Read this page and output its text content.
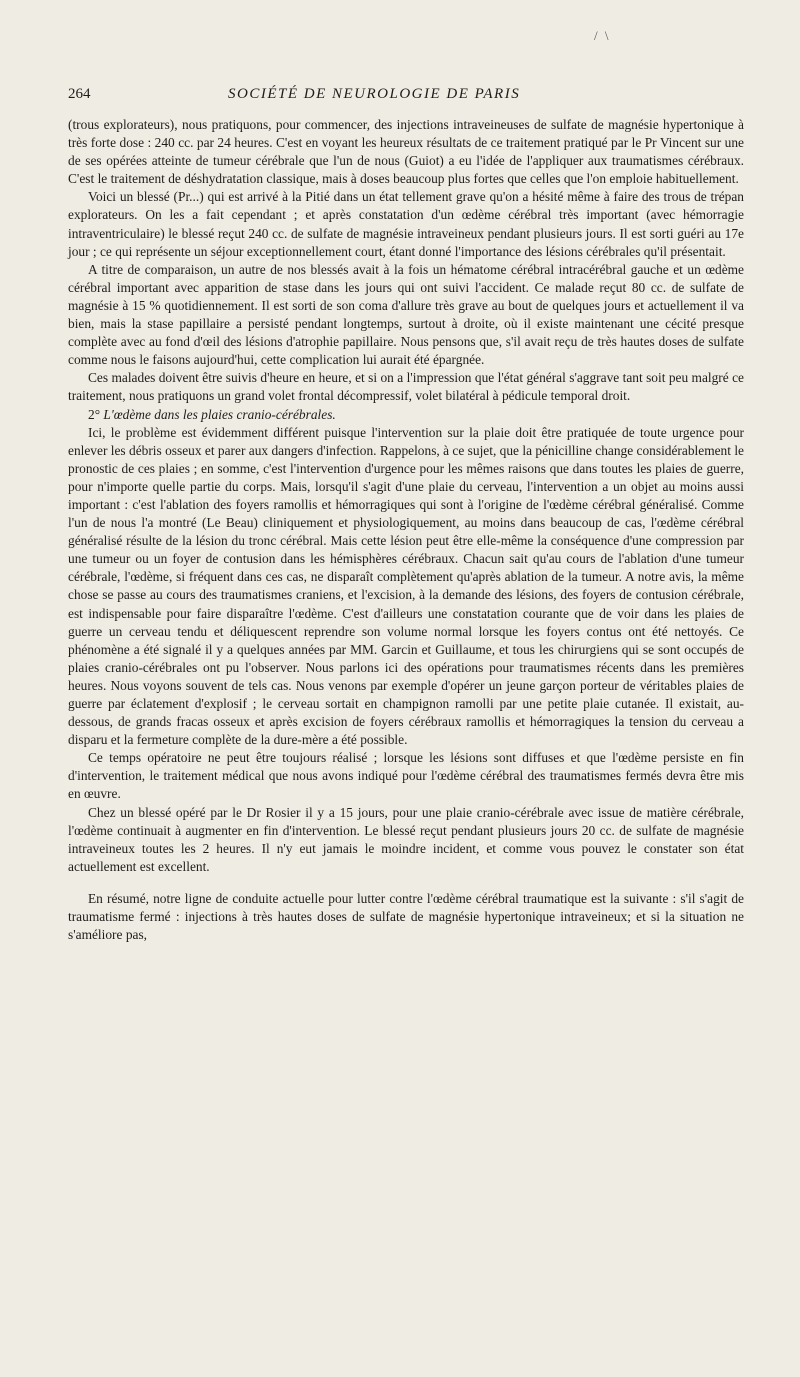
/ \
264	SOCIÉTÉ DE NEUROLOGIE DE PARIS

(trous explorateurs), nous pratiquons, pour commencer, des injections intraveineuses de sulfate de magnésie hypertonique à très forte dose : 240 cc. par 24 heures. C'est en voyant les heureux résultats de ce traitement pratiqué par le Pr Vincent sur une de ses opérées atteinte de tumeur cérébrale que l'un de nous (Guiot) a eu l'idée de l'appliquer aux traumatismes cérébraux. C'est le traitement de déshydratation classique, mais à doses beaucoup plus fortes que celles que l'on emploie habituellement.

Voici un blessé (Pr...) qui est arrivé à la Pitié dans un état tellement grave qu'on a hésité même à faire des trous de trépan explorateurs. On les a fait cependant ; et après constatation d'un œdème cérébral très important (avec hémorragie intraventriculaire) le blessé reçut 240 cc. de sulfate de magnésie intraveineux pendant plusieurs jours. Il est sorti guéri au 17e jour ; ce qui représente un séjour exceptionnellement court, étant donné l'importance des lésions cérébrales qu'il présentait.

A titre de comparaison, un autre de nos blessés avait à la fois un hématome cérébral intracérébral gauche et un œdème cérébral important avec apparition de stase dans les jours qui ont suivi l'accident. Ce malade reçut 80 cc. de sulfate de magnésie à 15 % quotidiennement. Il est sorti de son coma d'allure très grave au bout de quelques jours et actuellement il va bien, mais la stase papillaire a persisté pendant longtemps, surtout à droite, où il existe maintenant une cécité presque complète avec au fond d'œil des lésions d'atrophie papillaire. Nous pensons que, s'il avait reçu de très hautes doses de sulfate comme nous le faisons aujourd'hui, cette complication lui aurait été épargnée.

Ces malades doivent être suivis d'heure en heure, et si on a l'impression que l'état général s'aggrave tant soit peu malgré ce traitement, nous pratiquons un grand volet frontal décompressif, volet bilatéral à pédicule temporal droit.

2° L'œdème dans les plaies cranio-cérébrales.

Ici, le problème est évidemment différent puisque l'intervention sur la plaie doit être pratiquée de toute urgence pour enlever les débris osseux et parer aux dangers d'infection. Rappelons, à ce sujet, que la pénicilline change considérablement le pronostic de ces plaies ; en somme, c'est l'intervention d'urgence pour les mêmes raisons que dans toutes les plaies de guerre, pour n'importe quelle partie du corps. Mais, lorsqu'il s'agit d'une plaie du cerveau, l'intervention a un objet au moins aussi important : c'est l'ablation des foyers ramollis et hémorragiques qui sont à l'origine de l'œdème cérébral généralisé. Comme l'un de nous l'a montré (Le Beau) cliniquement et physiologiquement, au moins dans beaucoup de cas, l'œdème cérébral généralisé résulte de la lésion du tronc cérébral. Mais cette lésion peut être elle-même la conséquence d'une compression par une tumeur ou un foyer de contusion dans les hémisphères cérébraux. Chacun sait qu'au cours de l'ablation d'une tumeur cérébrale, l'œdème, si fréquent dans ces cas, ne disparaît complètement qu'après ablation de la tumeur. A notre avis, la même chose se passe au cours des traumatismes craniens, et l'excision, à la demande des lésions, des foyers de contusion cérébrale, est indispensable pour faire disparaître l'œdème. C'est d'ailleurs une constatation courante que de voir dans les plaies de guerre un cerveau tendu et déliquescent reprendre son volume normal lorsque les foyers contus ont été nettoyés. Ce phénomène a été signalé il y a quelques années par MM. Garcin et Guillaume, et tous les chirurgiens qui se sont occupés de plaies cranio-cérébrales ont pu l'observer. Nous parlons ici des opérations pour traumatismes récents dans les premières heures. Nous voyons souvent de tels cas. Nous venons par exemple d'opérer un jeune garçon porteur de véritables plaies de guerre par éclatement d'explosif ; le cerveau sortait en champignon ramolli par une petite plaie cutanée. Il existait, au-dessous, de grands fracas osseux et après excision de foyers cérébraux ramollis et hémorragiques la tension du cerveau a disparu et la fermeture complète de la dure-mère a été possible.

Ce temps opératoire ne peut être toujours réalisé ; lorsque les lésions sont diffuses et que l'œdème persiste en fin d'intervention, le traitement médical que nous avons indiqué pour l'œdème cérébral des traumatismes fermés devra être mis en œuvre.

Chez un blessé opéré par le Dr Rosier il y a 15 jours, pour une plaie cranio-cérébrale avec issue de matière cérébrale, l'œdème continuait à augmenter en fin d'intervention. Le blessé reçut pendant plusieurs jours 20 cc. de sulfate de magnésie intraveineux toutes les 2 heures. Il n'y eut jamais le moindre incident, et comme vous pouvez le constater son état actuellement est excellent.

En résumé, notre ligne de conduite actuelle pour lutter contre l'œdème cérébral traumatique est la suivante : s'il s'agit de traumatisme fermé : injections à très hautes doses de sulfate de magnésie hypertonique intraveineux; et si la situation ne s'améliore pas,
